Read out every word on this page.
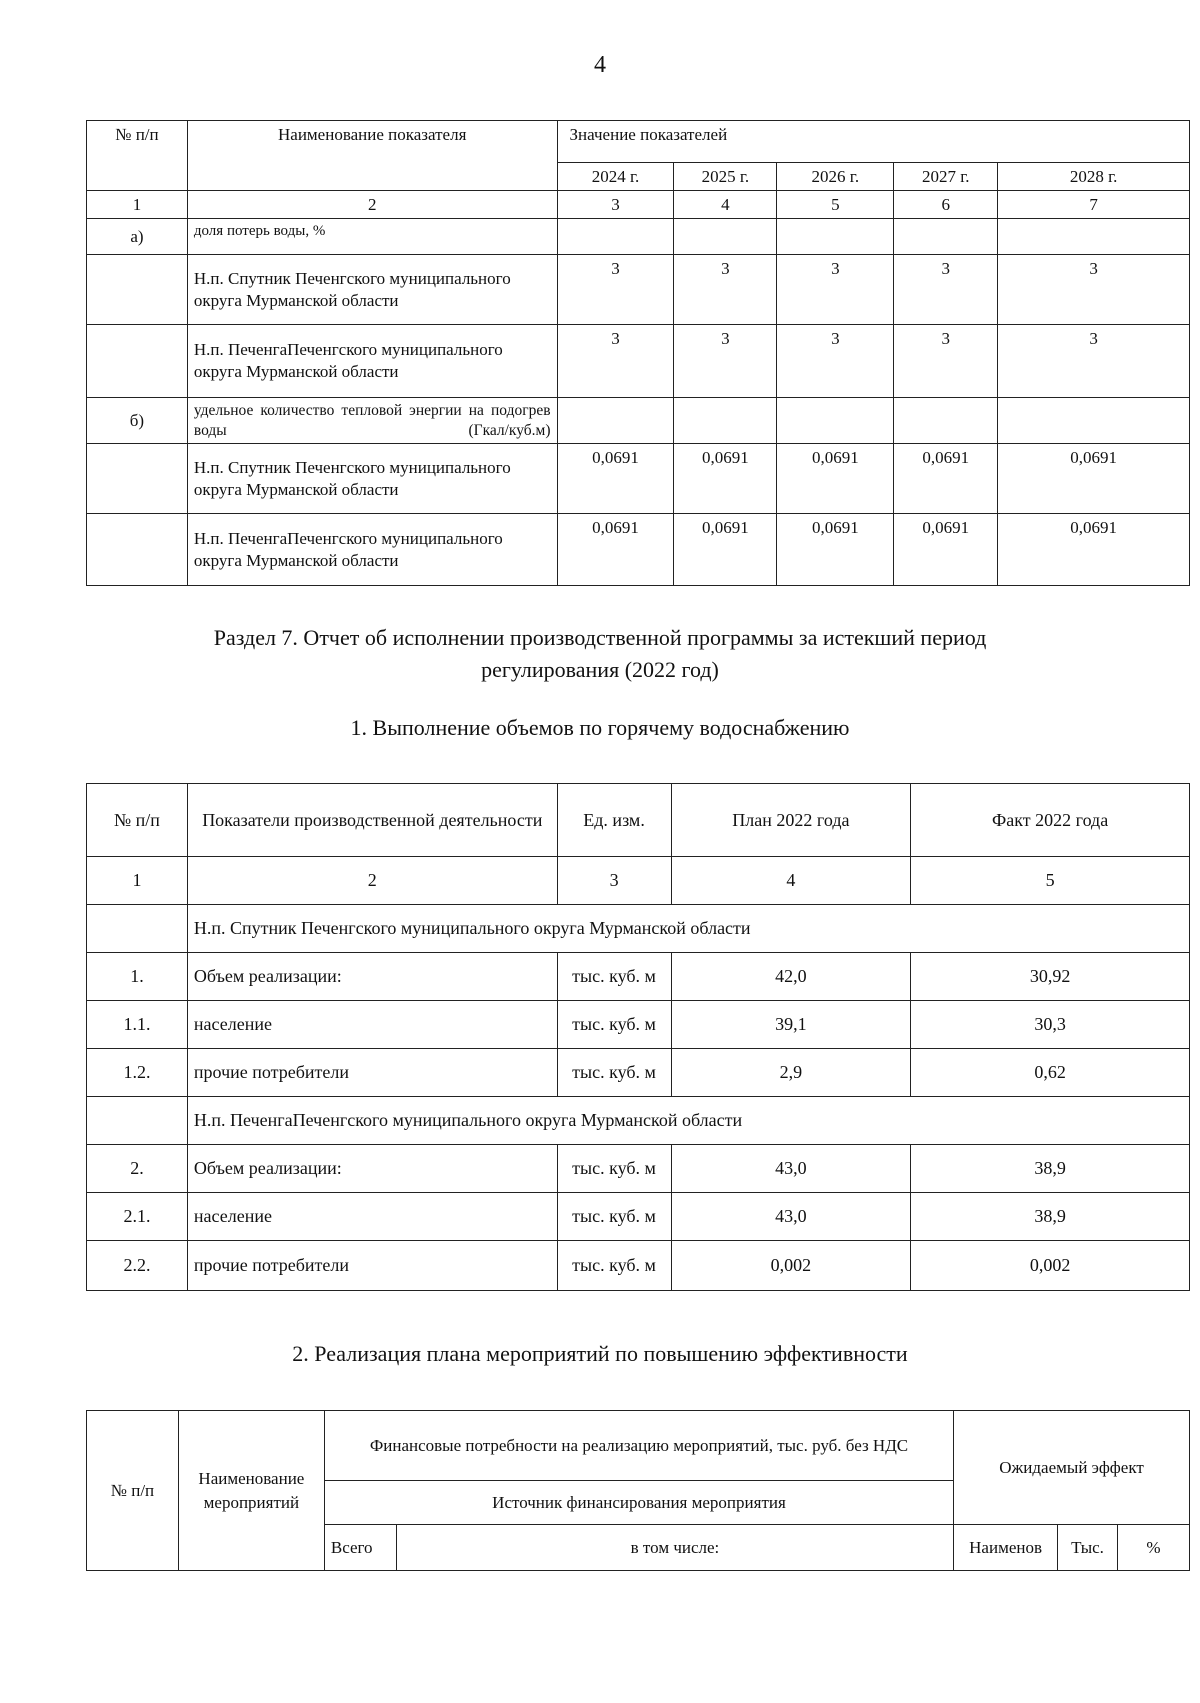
4
№ п/п	Наименование показателя	Значение показателей				
		2024 г.	2025 г.	2026 г.	2027 г.	2028 г.
1	2	3	4	5	6	7
а)	доля потерь воды, %					
	Н.п. Спутник Печенгского муниципального округа Мурманской области	3	3	3	3	3
	Н.п. ПеченгаПеченгского муниципального округа Мурманской области	3	3	3	3	3
б)	удельное количество тепловой энергии на подогрев воды (Гкал/куб.м)					
	Н.п. Спутник Печенгского муниципального округа Мурманской области	0,0691	0,0691	0,0691	0,0691	0,0691
	Н.п. ПеченгаПеченгского муниципального округа Мурманской области	0,0691	0,0691	0,0691	0,0691	0,0691
Раздел 7. Отчет об исполнении производственной программы за истекший период
регулирования (2022 год)
1. Выполнение объемов по горячему водоснабжению
№ п/п	Показатели производственной деятельности	Ед. изм.	План 2022 года	Факт 2022 года
1	2	3	4	5
	Н.п. Спутник Печенгского муниципального округа Мурманской области			
1.	Объем реализации:	тыс. куб. м	42,0	30,92
1.1.	население	тыс. куб. м	39,1	30,3
1.2.	прочие потребители	тыс. куб. м	2,9	0,62
	Н.п. ПеченгаПеченгского муниципального округа Мурманской области			
2.	Объем реализации:	тыс. куб. м	43,0	38,9
2.1.	население	тыс. куб. м	43,0	38,9
2.2.	прочие потребители	тыс. куб. м	0,002	0,002
2. Реализация плана мероприятий по повышению эффективности
№ п/п	Наименование мероприятий	Финансовые потребности на реализацию мероприятий, тыс. руб. без НДС		Ожидаемый эффект		
		Источник финансирования мероприятия				
		Всего	в том числе:	Наименов	Тыс.	%
